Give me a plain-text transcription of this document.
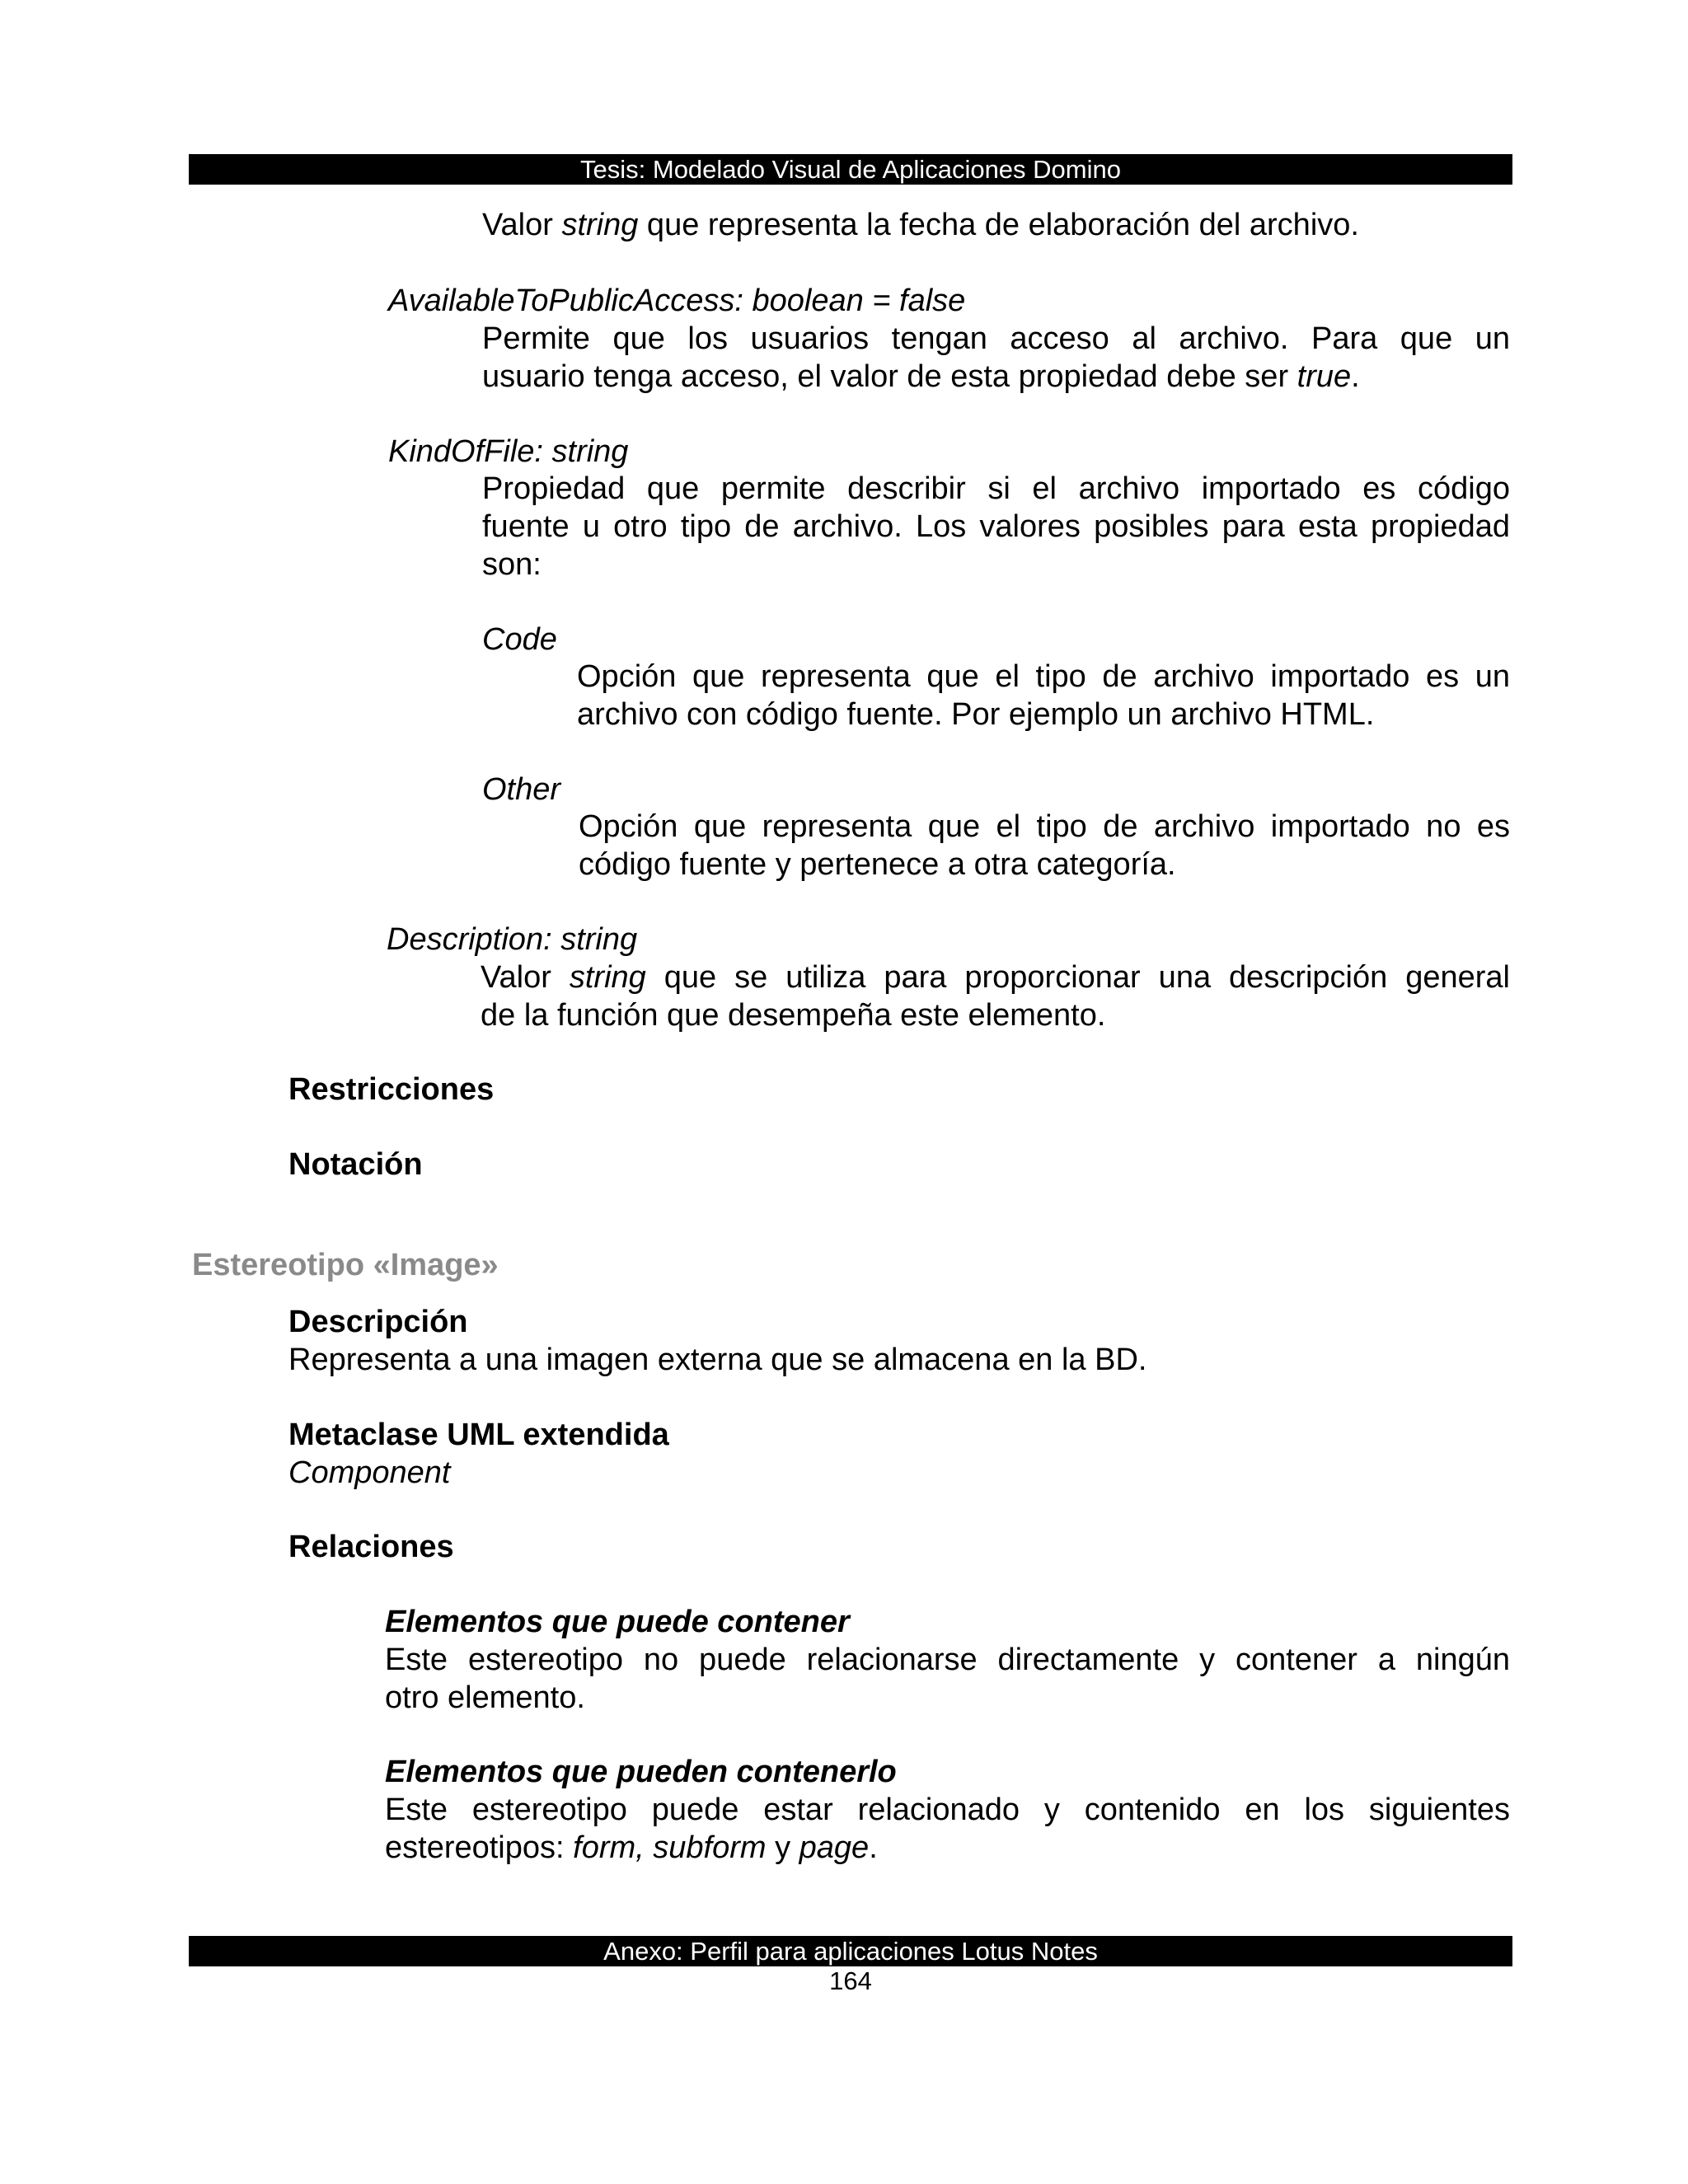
Tesis: Modelado Visual de Aplicaciones Domino
Valor string que representa la fecha de elaboración del archivo.
AvailableToPublicAccess: boolean = false
Permite que los usuarios tengan acceso al archivo. Para que un
usuario tenga acceso, el valor de esta propiedad debe ser true.
KindOfFile: string
Propiedad que permite describir si el archivo importado es código
fuente u otro tipo de archivo. Los valores posibles para esta propiedad
son:
Code
Opción que representa que el tipo de archivo importado es un
archivo con código fuente. Por ejemplo un archivo HTML.
Other
Opción que representa que el tipo de archivo importado no es
código fuente y pertenece a otra categoría.
Description: string
Valor string que se utiliza para proporcionar una descripción general
de la función que desempeña este elemento.
Restricciones
Notación
Estereotipo «Image»
Descripción
Representa a una imagen externa que se almacena en la BD.
Metaclase UML extendida
Component
Relaciones
Elementos que puede contener
Este estereotipo no puede relacionarse directamente y contener a ningún
otro elemento.
Elementos que pueden contenerlo
Este estereotipo puede estar relacionado y contenido en los siguientes
estereotipos: form, subform y page.
Anexo: Perfil para aplicaciones Lotus Notes
164
